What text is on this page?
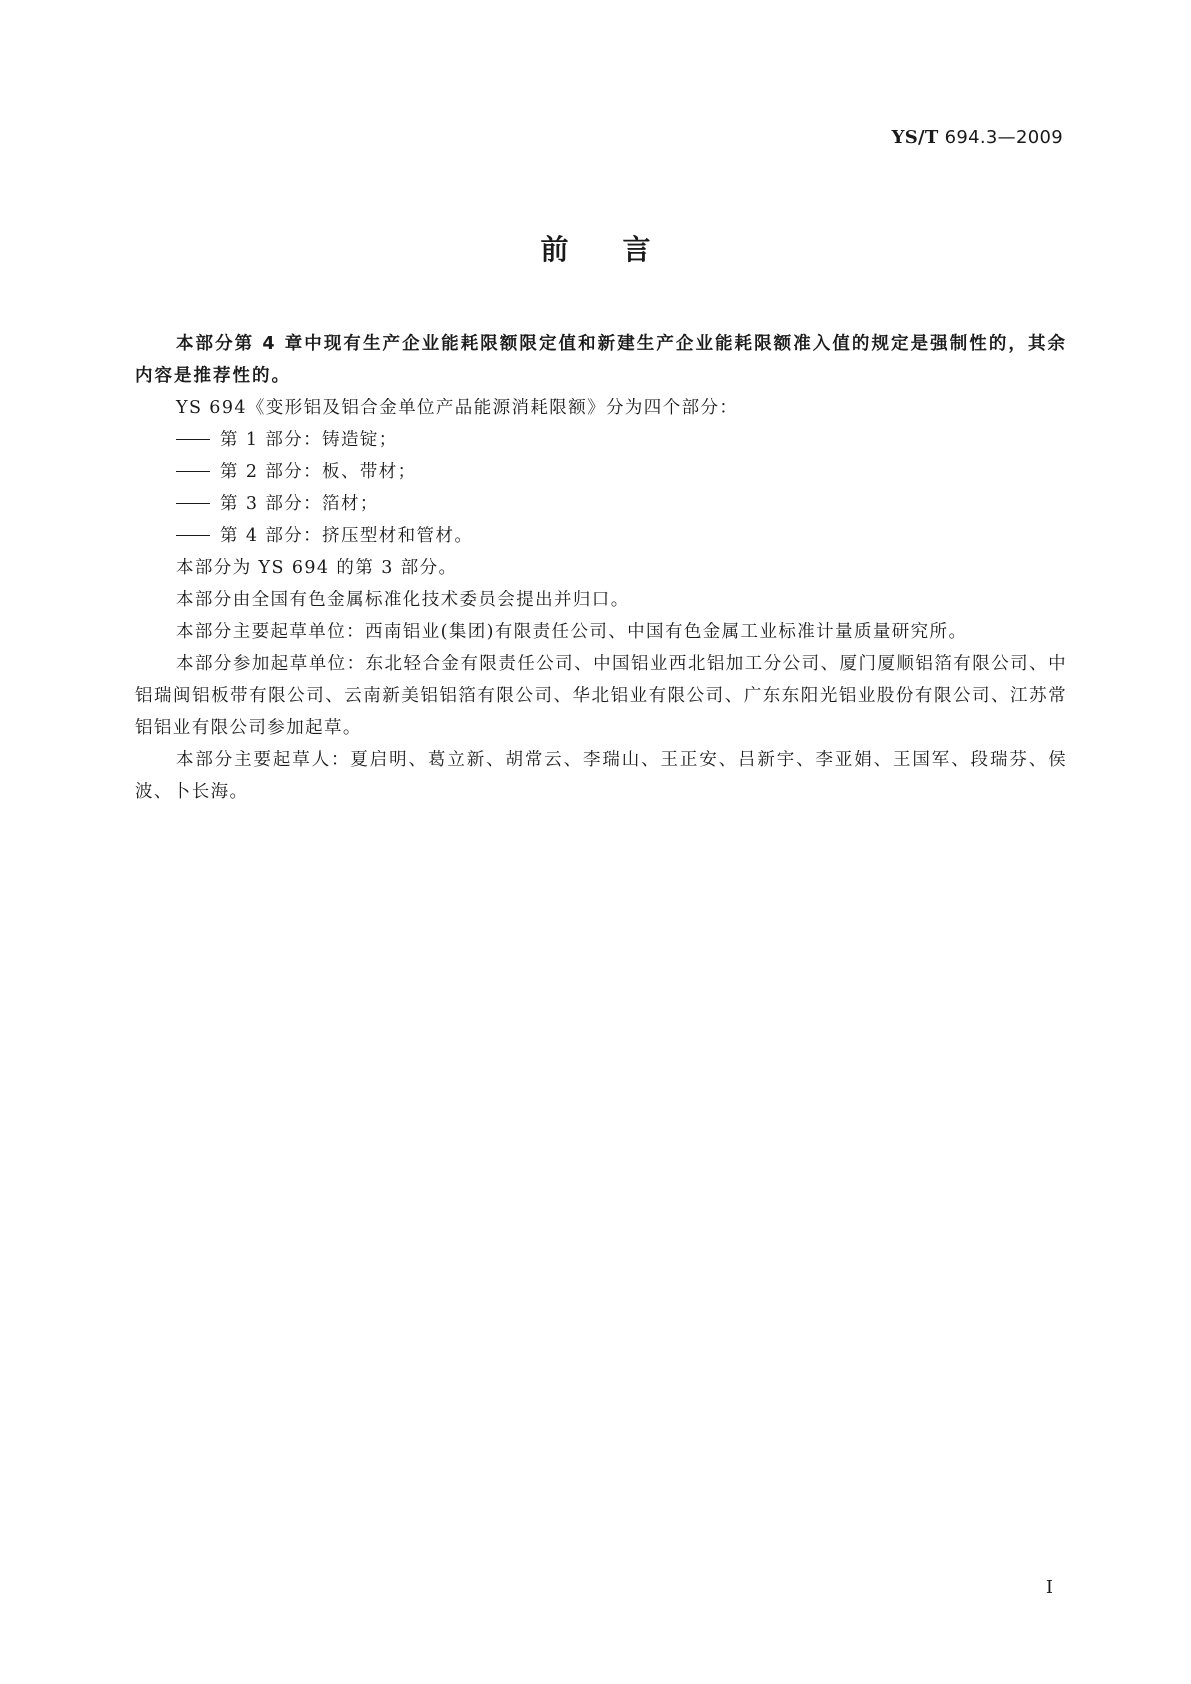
YS/T 694.3—2009
前言

本部分第 4 章中现有生产企业能耗限额限定值和新建生产企业能耗限额准入值的规定是强制性的，其余内容是推荐性的。

YS 694《变形铝及铝合金单位产品能源消耗限额》分为四个部分：

第 1 部分：铸造锭；

第 2 部分：板、带材；

第 3 部分：箔材；

第 4 部分：挤压型材和管材。

本部分为 YS 694 的第 3 部分。

本部分由全国有色金属标准化技术委员会提出并归口。

本部分主要起草单位：西南铝业(集团)有限责任公司、中国有色金属工业标准计量质量研究所。

本部分参加起草单位：东北轻合金有限责任公司、中国铝业西北铝加工分公司、厦门厦顺铝箔有限公司、中铝瑞闽铝板带有限公司、云南新美铝铝箔有限公司、华北铝业有限公司、广东东阳光铝业股份有限公司、江苏常铝铝业有限公司参加起草。

本部分主要起草人：夏启明、葛立新、胡常云、李瑞山、王正安、吕新宇、李亚娟、王国军、段瑞芬、侯波、卜长海。

I
